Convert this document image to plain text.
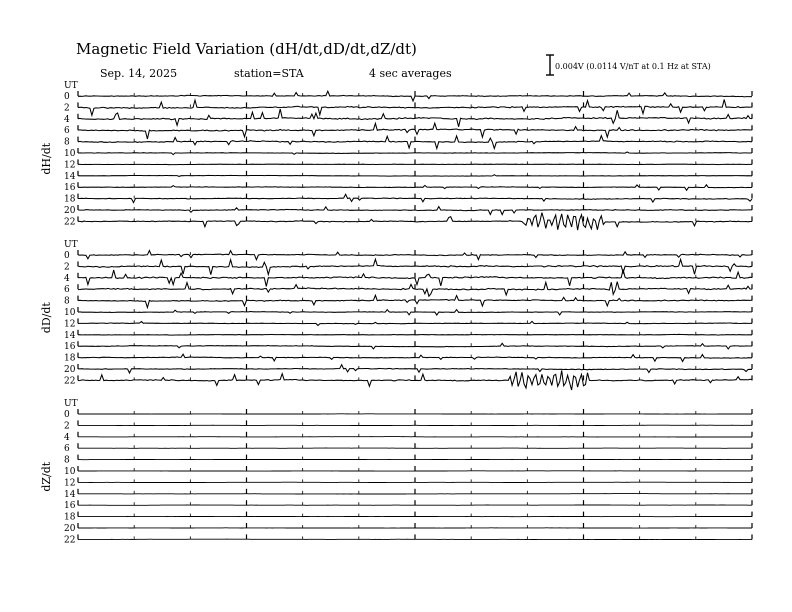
Magnetic Field Variation (dH/dt,dD/dt,dZ/dt)
Sep. 14, 2025	station=STA	4 sec averages
0.004V (0.0114 V/nT at 0.1 Hz at STA)
UT
dH/dt
0
2
4
6
8
10
12
14
16
18
20
22
UT
dD/dt
0
2
4
6
8
10
12
14
16
18
20
22
UT
dZ/dt
0
2
4
6
8
10
12
14
16
18
20
22
